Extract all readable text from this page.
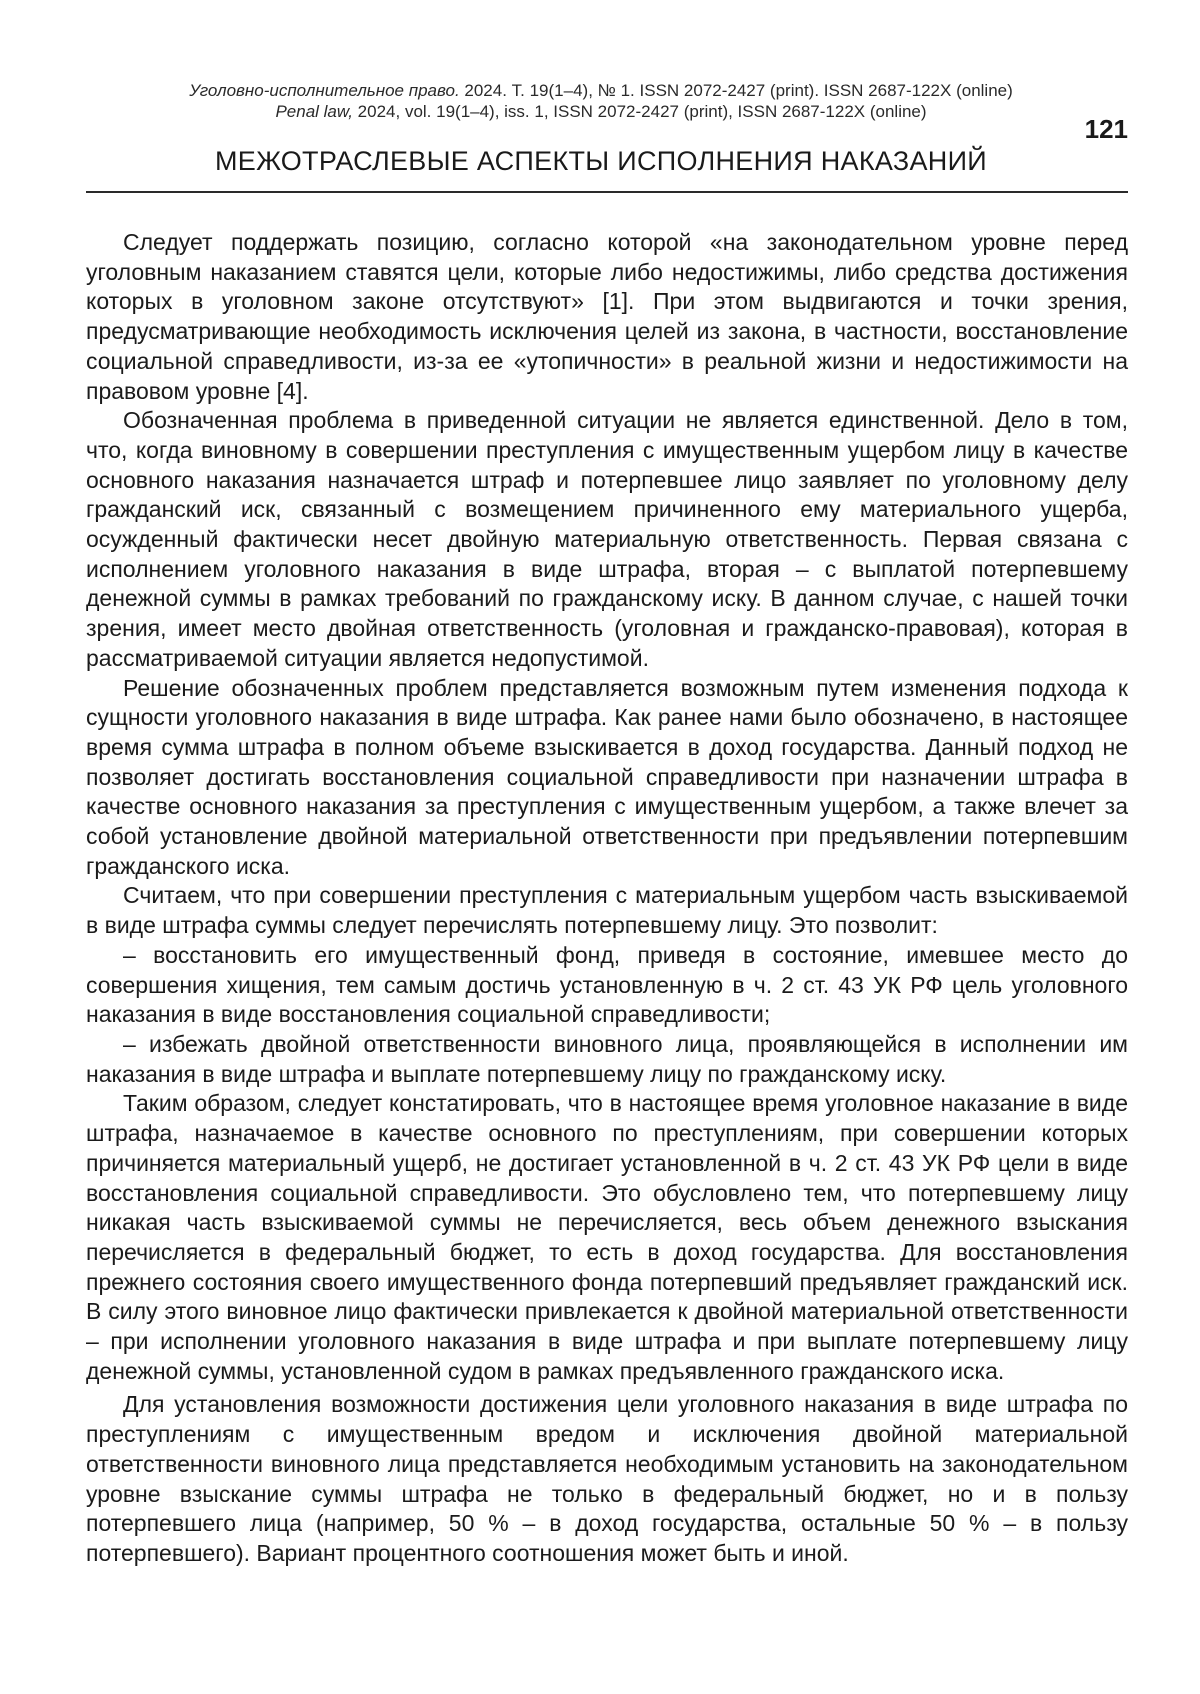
Уголовно-исполнительное право. 2024. Т. 19(1–4), № 1. ISSN 2072-2427 (print). ISSN 2687-122X (online)
Penal law, 2024, vol. 19(1–4), iss. 1, ISSN 2072-2427 (print), ISSN 2687-122X (online)
121
МЕЖОТРАСЛЕВЫЕ АСПЕКТЫ ИСПОЛНЕНИЯ НАКАЗАНИЙ

Следует поддержать позицию, согласно которой «на законодательном уровне перед уголовным наказанием ставятся цели, которые либо недостижимы, либо средства достижения которых в уголовном законе отсутствуют» [1]. При этом выдвигаются и точки зрения, предусматривающие необходимость исключения целей из закона, в частности, восстановление социальной справедливости, из-за ее «утопичности» в реальной жизни и недостижимости на правовом уровне [4].

Обозначенная проблема в приведенной ситуации не является единственной. Дело в том, что, когда виновному в совершении преступления с имущественным ущербом лицу в качестве основного наказания назначается штраф и потерпевшее лицо заявляет по уголовному делу гражданский иск, связанный с возмещением причиненного ему материального ущерба, осужденный фактически несет двойную материальную ответственность. Первая связана с исполнением уголовного наказания в виде штрафа, вторая – с выплатой потерпевшему денежной суммы в рамках требований по гражданскому иску. В данном случае, с нашей точки зрения, имеет место двойная ответственность (уголовная и гражданско-правовая), которая в рассматриваемой ситуации является недопустимой.

Решение обозначенных проблем представляется возможным путем изменения подхода к сущности уголовного наказания в виде штрафа. Как ранее нами было обозначено, в настоящее время сумма штрафа в полном объеме взыскивается в доход государства. Данный подход не позволяет достигать восстановления социальной справедливости при назначении штрафа в качестве основного наказания за преступления с имущественным ущербом, а также влечет за собой установление двойной материальной ответственности при предъявлении потерпевшим гражданского иска.

Считаем, что при совершении преступления с материальным ущербом часть взыскиваемой в виде штрафа суммы следует перечислять потерпевшему лицу. Это позволит:

– восстановить его имущественный фонд, приведя в состояние, имевшее место до совершения хищения, тем самым достичь установленную в ч. 2 ст. 43 УК РФ цель уголовного наказания в виде восстановления социальной справедливости;

– избежать двойной ответственности виновного лица, проявляющейся в исполнении им наказания в виде штрафа и выплате потерпевшему лицу по гражданскому иску.

Таким образом, следует констатировать, что в настоящее время уголовное наказание в виде штрафа, назначаемое в качестве основного по преступлениям, при совершении которых причиняется материальный ущерб, не достигает установленной в ч. 2 ст. 43 УК РФ цели в виде восстановления социальной справедливости. Это обусловлено тем, что потерпевшему лицу никакая часть взыскиваемой суммы не перечисляется, весь объем денежного взыскания перечисляется в федеральный бюджет, то есть в доход государства. Для восстановления прежнего состояния своего имущественного фонда потерпевший предъявляет гражданский иск. В силу этого виновное лицо фактически привлекается к двойной материальной ответственности – при исполнении уголовного наказания в виде штрафа и при выплате потерпевшему лицу денежной суммы, установленной судом в рамках предъявленного гражданского иска.

Для установления возможности достижения цели уголовного наказания в виде штрафа по преступлениям с имущественным вредом и исключения двойной материальной ответственности виновного лица представляется необходимым установить на законодательном уровне взыскание суммы штрафа не только в федеральный бюджет, но и в пользу потерпевшего лица (например, 50 % – в доход государства, остальные 50 % – в пользу потерпевшего). Вариант процентного соотношения может быть и иной.
